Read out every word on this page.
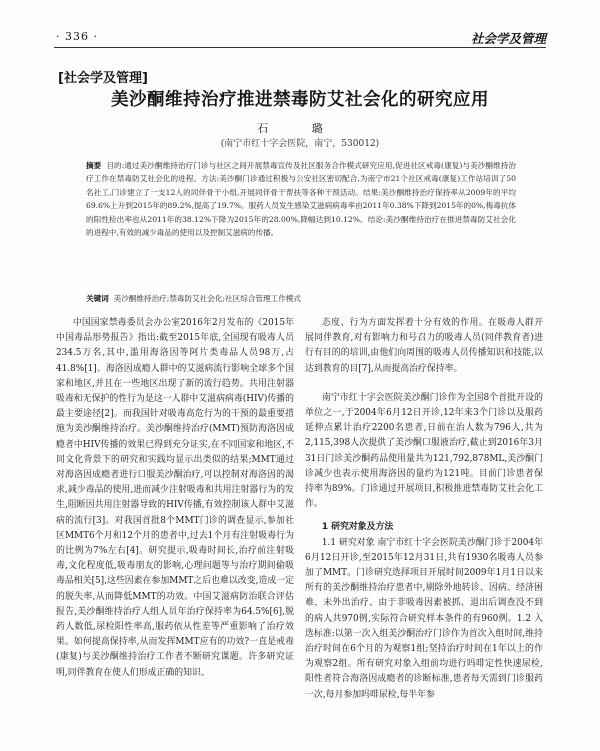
· 336 ·	社会学及管理
[社会学及管理]
美沙酮维持治疗推进禁毒防艾社会化的研究应用
石 璐
(南宁市红十字会医院，南宁，530012)
摘要 目的:通过美沙酮维持治疗门诊与社区之间开展禁毒宣传及社区服务合作模式研究应用,促进社区戒毒(康复)与美沙酮维持治疗工作在禁毒防艾社会化的进程。方法:美沙酮门诊通过积极与公安社区密切配合,为南宁市21个社区戒毒(康复)工作站培训了50名社工,门诊建立了一支12人的同伴骨干小组,开展同伴骨干帮扶等各种干预活动。结果:美沙酮维持治疗保持率从2009年的平均69.6%上升到2015年的89.2%,提高了19.7%。服药人员发生感染艾滋病病毒率由2011年0.38%下降到2015年的0%,梅毒抗体的阳性检出率也从2011年的38.12%下降为2015年的28.00%,降幅达到10.12%。结论:美沙酮维持治疗在推进禁毒防艾社会化的进程中,有效的减少毒品的使用以及控制艾滋病的传播。
关键词 美沙酮维持治疗;禁毒防艾社会化;社区综合管理工作模式

中国国家禁毒委员会办公室2016年2月发布的《2015年中国毒品形势报告》指出:截至2015年底,全国现有吸毒人员234.5万名,其中,滥用海洛因等阿片类毒品人员98万,占41.8%[1]。海洛因成瘾人群中的艾滋病流行影响全球多个国家和地区,并且在一些地区出现了新的流行趋势。共用注射器吸毒和无保护的性行为是这一人群中艾滋病病毒(HIV)传播的最主要途径[2]。而我国针对吸毒高危行为的干预的最重要措施为美沙酮维持治疗。美沙酮维持治疗(MMT)预防海洛因成瘾者中HIV传播的效果已得到充分证实,在不同国家和地区,不同文化背景下的研究和实践均显示出类似的结果;MMT通过对海洛因成瘾者进行口服美沙酮治疗,可以控制对海洛因的渴求,减少毒品的使用,进而减少注射吸毒和共用注射器行为的发生,阻断因共用注射器导致的HIV传播,有效控制该人群中艾滋病的流行[3]。对我国首批8个MMT门诊的调查显示,参加社区MMT6个月和12个月的患者中,过去1个月有注射吸毒行为的比例为7%左右[4]。研究提示,吸毒时间长,治疗前注射吸毒,文化程度低,吸毒朋友的影响,心理问题等与治疗期间偷吸毒品相关[5],这些因素在参加MMT之后也难以改变,造成一定的脱失率,从而降低MMT的功效。中国艾滋病防治联合评估报告,美沙酮维持治疗人组人员年治疗保持率为64.5%[6],脱药人数低,尿检阳性率高,服药依从性差等严重影响了治疗效果。如何提高保持率,从而发挥MMT应有的功效?一直是戒毒(康复)与美沙酮维持治疗工作者不断研究课题。许多研究证明,同伴教育在使人们形成正确的知识、

态度、行为方面发挥着十分有效的作用。在吸毒人群开展同伴教育,对有影响力和号召力的吸毒人员(同伴教育者)进行有目的的培训,由他们向周围的吸毒人员传播知识和技能,以达到教育的目[7],从而提高治疗保持率。

南宁市红十字会医院美沙酮门诊作为全国8个首批开设的单位之一,于2004年6月12日开诊,12年来3个门诊以及服药延伸点累计治疗2200名患者,日前在治人数为796人,共为2,115,398人次提供了美沙酮口服液治疗,截止到2016年3月31日门诊美沙酮药品使用量共为121,792,878ML,美沙酮门诊减少也表示使用海洛因的量约为121吨。目前门诊患者保持率为89%。门诊通过开展项目,积极推进禁毒防艾社会化工作。

1 研究对象及方法

1.1 研究对象 南宁市红十字会医院美沙酮门诊于2004年6月12日开诊,至2015年12月31日,共有1930名吸毒人员参加了MMT。门诊研究选择项目开展时间2009年1月1日以来所有的美沙酮维持治疗患者中,剔除外地转诊、因病、经济困难、未外出治疗、由于非吸毒因素被抓、退出后调查没不到的病人共970例,实际符合研究样本条件的有960例。1.2 入选标准:以第一次入组美沙酮治疗门诊作为首次入组时间,维持治疗时间在6个月的为观察1组;坚持治疗时间在1年以上的作为观察2组。所有研究对象入组前均进行吗啡定性快速尿检,阳性者符合海洛因成瘾者的诊断标准,患者每天需到门诊服药一次,每月参加吗啡尿检,每半年参
